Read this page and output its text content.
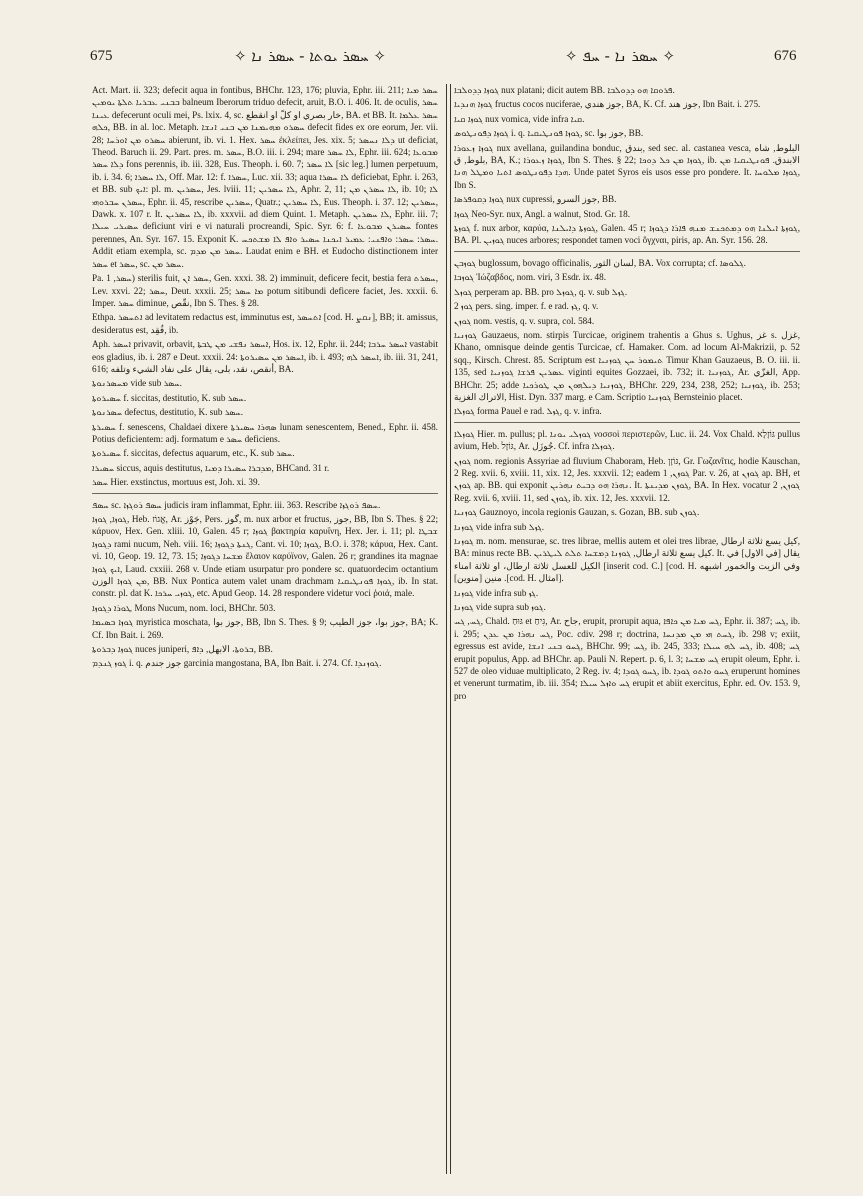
675	✧ ܚܣܪ ܝܘܬܐ - ܚܣܪ ܢܐ ✧	✧ ܚܣܪ ܢܐ - ܚܦ ✧	676

Act. Mart. ii. 323; defecit aqua in fontibus, BHChr. 123, 176; pluvia, Ephr. iii. 211; ܚܣܪ ܡܝܐ ܒܒܢܝ ܥܒܪܝܐ ܬܠܬܐ ܝܘܡܝܢ balneum Iberorum triduo defecit, aruit, B.O. i. 406. It. de oculis, ܚܣܪ ܥܝܢܐ defecerunt oculi mei, Ps. lxix. 4, sc. خار بصري او كلّ او انقطع, BA. et BB. It. ܚܣܪ ܥܠܡܐ ܟܠܗ, BB. in al. loc. Metaph. ܚܣܪܘ ܡܗܝܡܢܐ ܡܢ ܒܢܝ ܐܢܫܐ defecit fides ex ore eorum, Jer. vii. 28; ܚܣܪܘ ܡܢ ܐܘܪܚܐ abierunt, ib. vi. 1. Hex. ܚܣܪ ἐκλείπει, Jes. xix. 5; ܕܠܐ ܢܚܣܪ ut deficiat, Theod. Baruch ii. 29. Part. pres. m. ܚܣܪ, B.O. iii. i. 294; mare ܠܐ ܚܣܪ, Ephr. iii. 624; ܡܒܘܥܐ ܕܠܐ ܚܣܪ fons perennis, ib. iii. 328, Eus. Theoph. i. 60. 7; ܠܐ ܚܣܪ [sic leg.] lumen perpetuum, ib. i. 34. 6; ܠܐ ܚܣܪܐ, Off. Mar. 12: f. ܚܣܪܐ, Luc. xii. 33; aqua ܠܐ ܚܣܪܐ deficiebat, Ephr. i. 263, et BB. sub ܐܝܟ: pl. m. ܚܣܪܝܢ, Jes. lviii. 11; ܠܐ ܚܣܪܝܢ, Aphr. 2, 11; ܠܐ ܚܣܪܢ ܡܢ, ib. 10; ܠܐ ܚܣܪܢ ܚܒܪܘܗܝ, Ephr. ii. 45, rescribe ܚܣܪܝܢ, Quatr.; ܠܐ ܚܣܪܝܢ, Eus. Theoph. i. 37. 12; ܚܣܪܝܢ, Dawk. x. 107 r. It. ܠܐ ܚܣܪܝܢ, ib. xxxvii. ad diem Quint. 1. Metaph. ܠܐ ܚܣܪܝܢ, Ephr. iii. 7; ܚܣܝܪܝ ܚܝܠܐ deficiunt viri e vi naturali procreandi, Spic. Syr. 6: f. ܚܣܝܪܢ ܡܒܘܥܐ fontes perennes, An. Syr. 167. 15. Exponit K. ܚܣܪ: ܚܣܪ: ܘܐܦܢܝ: ܥܡܝܪ ܐܝܟܢܐ ܚܣܝܪ ܘܐܦ ܠܐ ܡܫܬܟܚ. Addit etiam exempla, sc. ܚܣܪ ܡܢ ܡܕܡ. Laudat enim e BH. et Eudocho distinctionem inter ܚܣܪ et ܚܣܪ, sc. ܚܣܪ ܡܢ.

Pa. ܚܣܪ, 1) sterilis fuit, ܚܣܪ ܐܢ, Gen. xxxi. 38. 2) imminuit, deficere fecit, bestia fera ܚܣܪܬ, Lev. xxvi. 22; ܚܣܪ, Deut. xxxii. 25; ܡܐ ܚܣܪ potum sitibundi deficere faciet, Jes. xxxii. 6. Imper. ܚܣܪ diminue, نقّص, Ibn S. Thes. § 28.

Ethpa. ܐܬܚܣܪ ad levitatem redactus est, imminutus est, ܐܬܚܣܪ [cod. H. ܢܩܨ], BB; it. amissus, desideratus est, فُقِد, ib.

Aph. ܐܚܣܪ privavit, orbavit, ܐܚܣܪ ܢܦܫܝ ܡܢ ܛܒܬܐ, Hos. ix. 12, Ephr. ii. 244; ܐܚܣܪ ܚܪܒܐ vastabit eos gladius, ib. i. 287 e Deut. xxxii. 24: ܐܚܣܪ ܡܢ ܚܣܝܪܘܬܐ, ib. i. 493; ܐܚܣܪ ܠܗ, ib. iii. 31, 241, 616; أنقص، نقد، بلى، يقال على نفاد الشيء وتلفه, BA.

ܡܚܣܪܢܘܬܐ vide sub ܚܣܪ.

ܚܣܝܪܘܬܐ f. siccitas, destitutio, K. sub ܚܣܪ.

ܚܣܪܢܘܬܐ defectus, destitutio, K. sub ܚܣܪ.

ܚܣܝܪܬܐ f. senescens, Chaldaei dixere ܣܗܪܐ ܚܣܝܪܬܐ lunam senescentem, Bened., Ephr. ii. 458. Potius deficientem: adj. formatum e ܚܣܪ deficiens.

ܚܣܝܪܘܬܐ f. siccitas, defectus aquarum, etc., K. sub ܚܣܪ.

ܚܣܝܪܐ siccus, aquis destitutus, ܡܕܒܪܐ ܚܣܝܪܐ ܕܡܝܐ, BHCand. 31 r.

ܚܣܪ Hier. exstinctus, mortuus est, Joh. xi. 39.

ܚܣܦ sc. ܚܣܦ ܪܘܓܙܐ judicis iram inflammat, Ephr. iii. 363. Rescribe ܚܣܦ ܪܘܓܙܐ.

ܓܘܙܐ, ܓܘܙܐ, Heb. אֱגוֹז, Ar. جَوْز, Pers. گوز, m. nux arbor et fructus, جوز, BB, Ibn S. Thes. § 22; κάρυον, Hex. Gen. xliii. 10, Galen. 45 r; ܓܘܙܐ βακτηρία καρυΐνη, Hex. Jer. i. 11; pl. ܫܒܛܐ ܕܓܘܙܐ rami nucum, Neh. viii. 16; ܓܢܬܐ ܕܓܘܙܐ, Cant. vi. 10; ܓܘܙܐ, B.O. i. 378; κάρυα, Hex. Cant. vi. 10, Geop. 19. 12, 73. 15; ܡܫܚܐ ܕܓܘܙܐ ἔλαιον καρύϊνον, Galen. 26 r; grandines ita magnae ܐܝܟ ܓܘܙܐ, Laud. cxxiii. 268 v. Unde etiam usurpatur pro pondere sc. quatuordecim octantium ܡܢ ܓܘܙܐ الوزن, BB. Nux Pontica autem valet unam drachmam ܓܘܙܐ ܦܘܢܛܝܩܝܐ, ib. In stat. constr. pl. dat K. ܓܘܙܝ ܚܪܟܐ, etc. Apud Geop. 14. 28 respondere videtur voci ῥοιά, male.

ܛܘܪܐ ܕܓܘܙܐ Mons Nucum, nom. loci, BHChr. 503.

ܓܘܙܐ ܒܣܝܡܐ myristica moschata, جوز بوا, BB, Ibn S. Thes. § 9; جوز بوا، جوز الطيب, BA; K. Cf. Ibn Bait. i. 269.

ܓܘܙܐ ܕܒܪܘܬܐ nuces juniperi, ܒܪܘܬܐ، الابهل, ܕܐܦ, BB.

ܓܘܙ ܓܢܕܡ i. q. جوز جندم garcinia mangostana, BA, Ibn Bait. i. 274. Cf. ܓܘܙܢܕܐ.

ܓܘܙܐ ܕܕܘܠܒܐ nux platani; dicit autem BB. ܦܪܘܩܐ ܗܘ ܕܕܘܠܒܐ.

ܓܘܙܐ ܗܢܕܝܐ fructus cocos nuciferae, جوز هندي, BA, K. Cf. جوز هند, Ibn Bait. i. 275.

ܓܘܙܐ ܩܝܐ nux vomica, vide infra ܩܝܐ.

ܓܘܙܐ ܕܦܘܢܛܘܣ i. q. ܓܘܙܐ ܦܘܢܛܝܩܝܐ, sc. جوز بوا, BB.

ܓܘܙܐ ܙܥܘܪܐ nux avellana, guilandina bonduc, بندق, sed sec. al. castanea vesca, البلوط, شاه بلوط, ق, BA, K.; ܓܘܙܐ ܙܥܘܪܐ, Ibn S. Thes. § 22; ܓܘܙܐ ܡܢ ܟܠ ܕܘܟܐ, ib. الابندق. ܦܘܢܛܝܩܝܐ ܡܢ ܗܕܐ ܕܦܘܢܛܘܣ ܐܬܝܐ ܘܡܛܠ ܗܢܐ. Unde patet Syros eis usos esse pro pondere. It. ܓܘܙܐ ܡܠܘܚܐ, Ibn S.

ܓܘܙܐ ܕܩܘܦܪܣܐ nux cupressi, جوز السرو, BB.

ܓܘܙܐ Neo-Syr. nux, Angl. a walnut, Stod. Gr. 18.

ܓܘܙܬܐ f. nux arbor, καρύα, ܓܘܙܬܐ ܕܐܝܠܢܐ, Galen. 45 r; ܓܘܙܬܐ ܐܝܠܢܐ ܗܘ ܕܡܬܟܢܫ ܡܢܗ ܦܐܪܐ ܕܓܘܙܐ, BA. Pl. ܓܘܙܝܢ nuces arbores; respondet tamen voci ὄγχναι, piris, ap. An. Syr. 156. 28.

ܓܘܙܒܢ buglossum, bovago officinalis, لسان الثور, BA. Vox corrupta; cf. ܓܠܘܣܐ.

ܓܘܙܒܐ Ἰώζαβδος, nom. viri, 3 Esdr. ix. 48.

ܓܘܙܠ perperam ap. BB. pro ܓܘܙܠ, q. v. sub ܓܙܠ.

ܓܘܙ 2 pers. sing. imper. f. e rad. ܓܙ, q. v.

ܓܘܙܢ nom. vestis, q. v. supra, col. 584.

ܓܘܙܢܝܐ Gauzaeus, nom. stirpis Turcicae, originem trahentis a Ghus s. Ughus, غز s. غزل, Khano, omnisque deinde gentis Turcicae, cf. Hamaker. Com. ad locum Al-Makrizii, p. 52 sqq., Kirsch. Chrest. 85. Scriptum est ܬܝܡܘܪ ܚܢ ܓܘܙܢܝܐ Timur Khan Gauzaeus, B. O. iii. ii. 135, sed ܥܣܪܝܢ ܦܪܫܐ ܓܘܙܢܝܐ viginti equites Gozzaei, ib. 732; it. ܓܘܙܢܝܐ, Ar. الغزّي, App. BHChr. 25; adde ܓܘܙܢܝܐ ܕܝܠܗܘܢ ܡܢ ܛܘܪܟܝܐ, BHChr. 229, 234, 238, 252; ܓܘܙܢܝܐ, ib. 253; الاتراك الغزية, Hist. Dyn. 337 marg. e Cam. Scriptio ܓܘܙܢܝܐ Bernsteinio placet.

ܓܘܙܠܐ forma Pauel e rad. ܓܙܠ, q. v. infra.

ܓܘܙܠܐ Hier. m. pullus; pl. ܓܘܙܠܝ ܝܘܢܐ νοσσοὶ περιστερῶν, Luc. ii. 24. Vox Chald. גּוֹזָלָא pullus avium, Heb. גּוֹזָל, Ar. جُوزَل. Cf. infra ܓܘܙܠܐ.

ܓܘܙܢ nom. regionis Assyriae ad fluvium Chaboram, Heb. גּוֹזָן, Gr. Γωζανῖτις, hodie Kauschan, 2 Reg. xvii. 6, xviii. 11, xix. 12, Jes. xxxvii. 12; eadem ܓܘܙܢ, 1 Par. v. 26, at ܓܘܙܢ ap. BH, et ܓܘܙܢ ap. BB. qui exponit ܢܗܪܐ ܗܘ ܕܒܝܬ ܢܗܪܝܢ. It. ܓܘܙܢ ܡܕܝܢܬܐ, BA. In Hex. vocatur ܓܘܙܢ, 2 Reg. xvii. 6, xviii. 11, sed ܓܘܙܢ, ib. xix. 12, Jes. xxxvii. 12.

ܓܘܙܢܝܐ Gauznoyo, incola regionis Gauzan, s. Gozan, BB. sub ܓܘܙܢ.

ܓܘܙܢܐ vide infra sub ܓܙܠ.

ܓܘܙܢܐ m. nom. mensurae, sc. tres librae, mellis autem et olei tres librae, كيل يسع ثلاثة ارطال, BA: minus recte BB. كيل يسع ثلاثة ارطال, ܓܘܙܢܐ ܕܡܫܚܐ ܬܠܬ ܠܝܛܪܝܢ. It. يقال [في الاول] في الكيل للعسل ثلاثة ارطال، او ثلاثة امناء [inserit cod. C.] [cod. H. وفي الزيت والخمور اشبهه منين [منوين] .[cod. H. امثال].

ܓܘܙܢܐ vide infra sub ܓܙ.

ܓܘܙܢܐ vide supra sub ܓܘܙ.

ܓܚ, ܓܚ, Chald. גּוּחַ et גִּיחַ, Ar. جاح, erupit, prorupit aqua, ܓܚ ܡܝܐ ܡܢ ܟܐܦܐ, Ephr. ii. 387; ܓܚ, ib. i. 295; ܓܚ ܢܗܪܐ ܡܢ ܥܕܢ, Poc. cdiv. 298 r; doctrina, ܓܚܬ ܗܝ ܡܢ ܡܕܢܚܐ, ib. 298 v; exiit, egressus est avide, ܓܚܘ ܒܢܝ ܐܢܫܐ, BHChr. 99; ܓܚ, ib. 245, 333; ܓܚ ܠܗ ܚܝܠܐ, ib. 408; ܓܚ erupit populus, App. ad BHChr. ap. Pauli N. Repert. p. 6, l. 3; ܓܚ ܡܫܚܐ erupit oleum, Ephr. i. 527 de oleo viduae multiplicato, 2 Reg. iv. 4; ܓܚܘ ܓܘܕܐ, ib. ܓܚܘ ܘܐܬܘ ܓܘܕܐ eruperunt homines et venerunt turmatim, ib. iii. 354; ܓܚ ܘܐܙܠ ܚܝܠܐ erupit et abiit exercitus, Ephr. ed. Ov. 153. 9, pro
